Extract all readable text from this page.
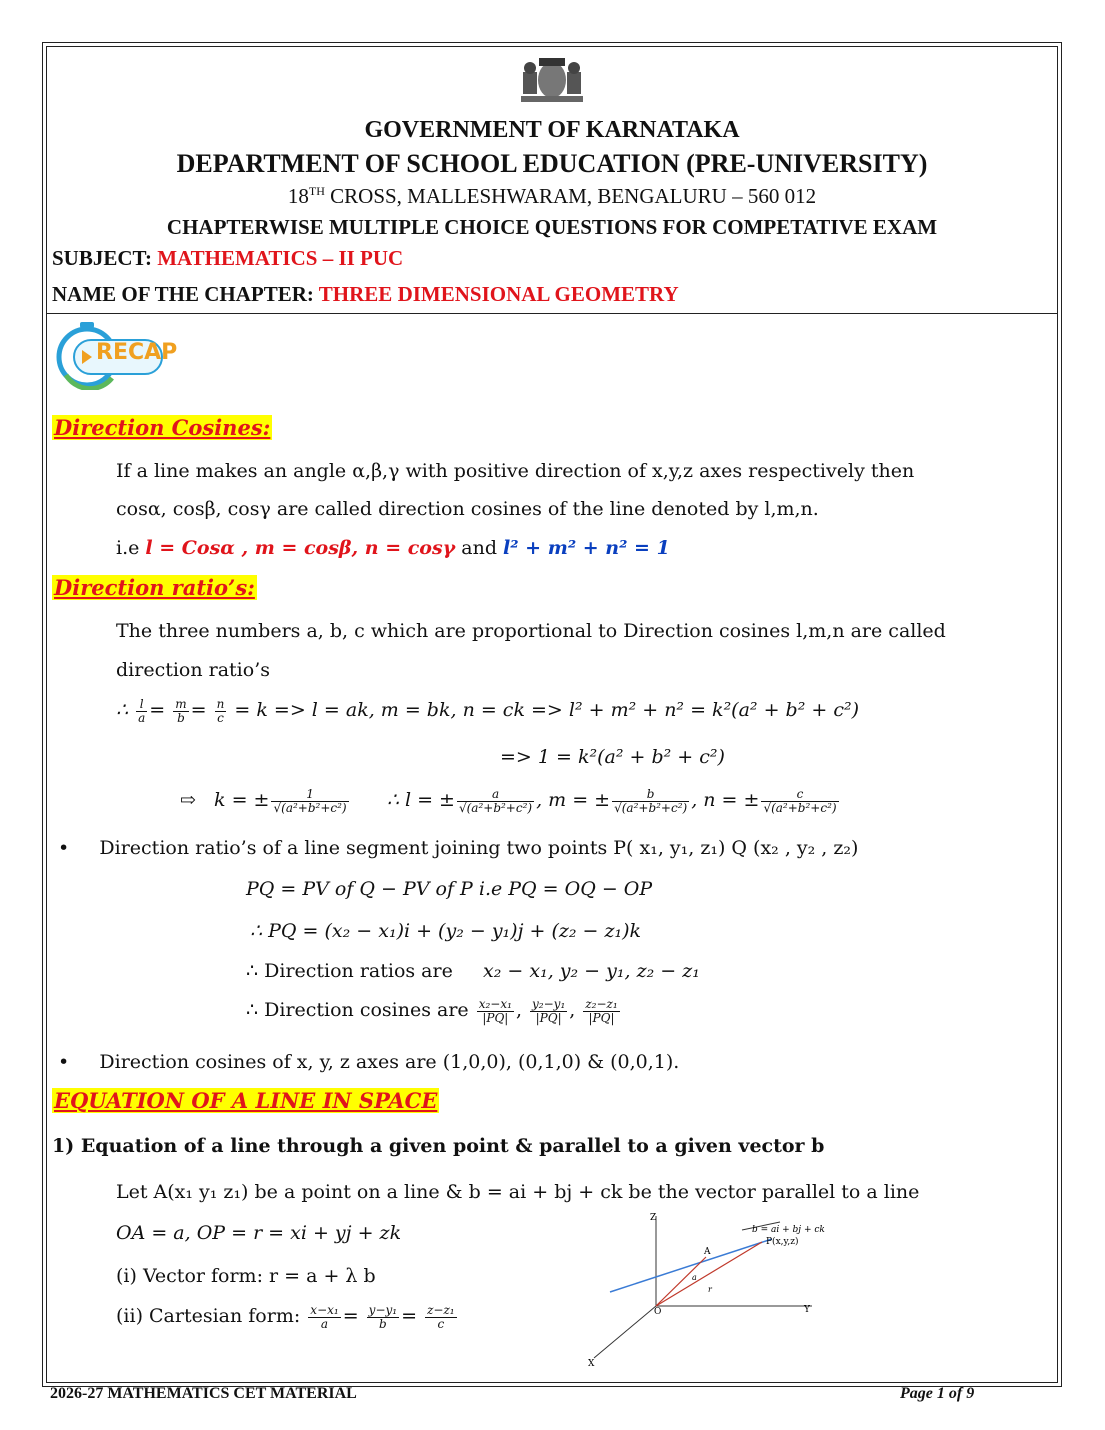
GOVERNMENT OF KARNATAKA
DEPARTMENT OF SCHOOL EDUCATION (PRE-UNIVERSITY)
18TH CROSS, MALLESHWARAM, BENGALURU – 560 012
CHAPTERWISE MULTIPLE CHOICE QUESTIONS FOR COMPETATIVE EXAM
SUBJECT: MATHEMATICS – II PUC
NAME OF THE CHAPTER: THREE DIMENSIONAL GEOMETRY
RECAP
Direction Cosines:
If a line makes an angle α,β,γ with positive direction of x,y,z axes respectively then
cosα, cosβ, cosγ are called direction cosines of the line denoted by l,m,n.
i.e l = Cosα , m = cosβ, n = cosγ and l² + m² + n² = 1
Direction ratio’s:
The three numbers a, b, c which are proportional to Direction cosines l,m,n are called
direction ratio’s
∴ $\frac{l}{a} = \frac{m}{b} = \frac{n}{c} = k => l$ = ak, m = bk, n = ck => l² + m² + n² = k²(a² + b² + c²)
=> 1 = k²(a² + b² + c²)
⇨ k = ± $\frac{1}{\text{√(a²+b²+c²)}}$ ∴ l = ± $\frac{a}{\text{√(a²+b²+c²)}}$ , m = ± $\frac{b}{\text{√(a²+b²+c²)}}$ , n = ± $\frac{c}{\text{√(a²+b²+c²)}}$
•     Direction ratio’s of a line segment joining two points P( x₁, y₁, z₁) Q (x₂ , y₂ , z₂)
PQ = PV of Q − PV of P i.e PQ = OQ − OP
∴ PQ = (x₂ − x₁)i + (y₂ − y₁)j + (z₂ − z₁)k
∴ Direction ratios are x₂ − x₁, y₂ − y₁, z₂ − z₁
∴ Direction cosines are $\frac{\text{x₂−x₁}}{|PQ|}$ , $\frac{\text{y₂−y₁}}{|PQ|}$ , $\frac{\text{z₂−z₁}}{|PQ|}$
•     Direction cosines of x, y, z axes are (1,0,0), (0,1,0) & (0,0,1).
EQUATION OF A LINE IN SPACE
1) Equation of a line through a given point & parallel to a given vector b
Let A(x₁ y₁ z₁) be a point on a line & b = ai + bj + ck be the vector parallel to a line
OA = a, OP = r = xi + yj + zk
(i) Vector form: r = a + λ b
(ii) Cartesian form: $\frac{\text{x−x₁}}{a} = \frac{\text{y−y₁}}{b} = \frac{\text{z−z₁}}{c}$
Z
Y
X
O
A
P(x,y,z)
b = ai + bj + ck
a
r
2026-27 MATHEMATICS CET MATERIAL	Page 1 of 9
